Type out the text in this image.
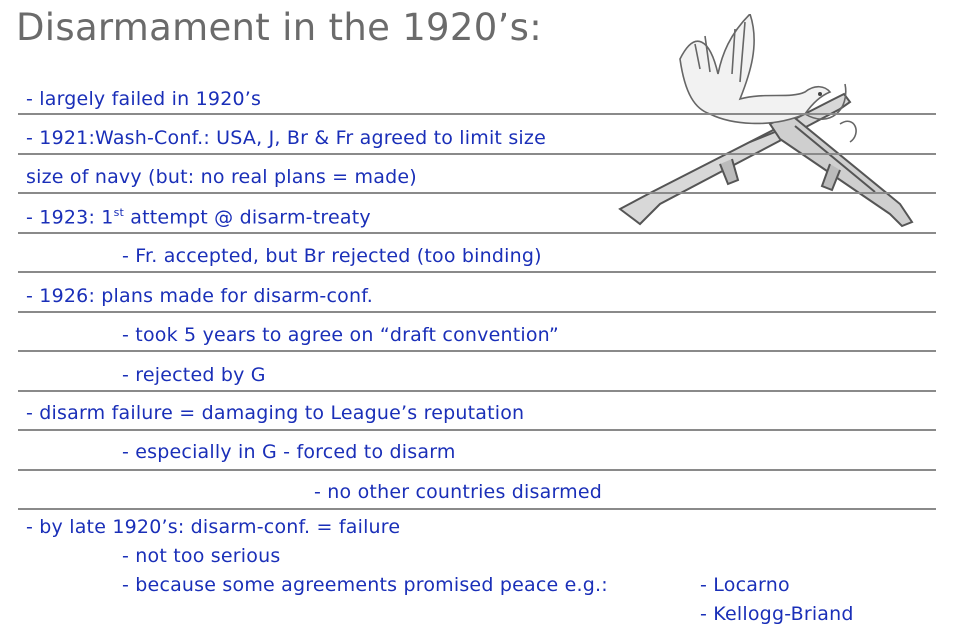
Disarmament in the 1920’s:
- largely failed in 1920’s
- 1921:Wash-Conf.: USA, J, Br & Fr agreed to limit size
size of navy (but: no real plans = made)
- 1923: 1st attempt @ disarm-treaty
- Fr. accepted, but Br rejected (too binding)
- 1926: plans made for disarm-conf.
- took 5 years to agree on “draft convention”
- rejected by G
- disarm failure = damaging to League’s reputation
- especially in G - forced to disarm
- no other countries disarmed
- by late 1920’s: disarm-conf. = failure
- not too serious
- because some agreements promised peace e.g.:	- Locarno
- Kellogg-Briand
